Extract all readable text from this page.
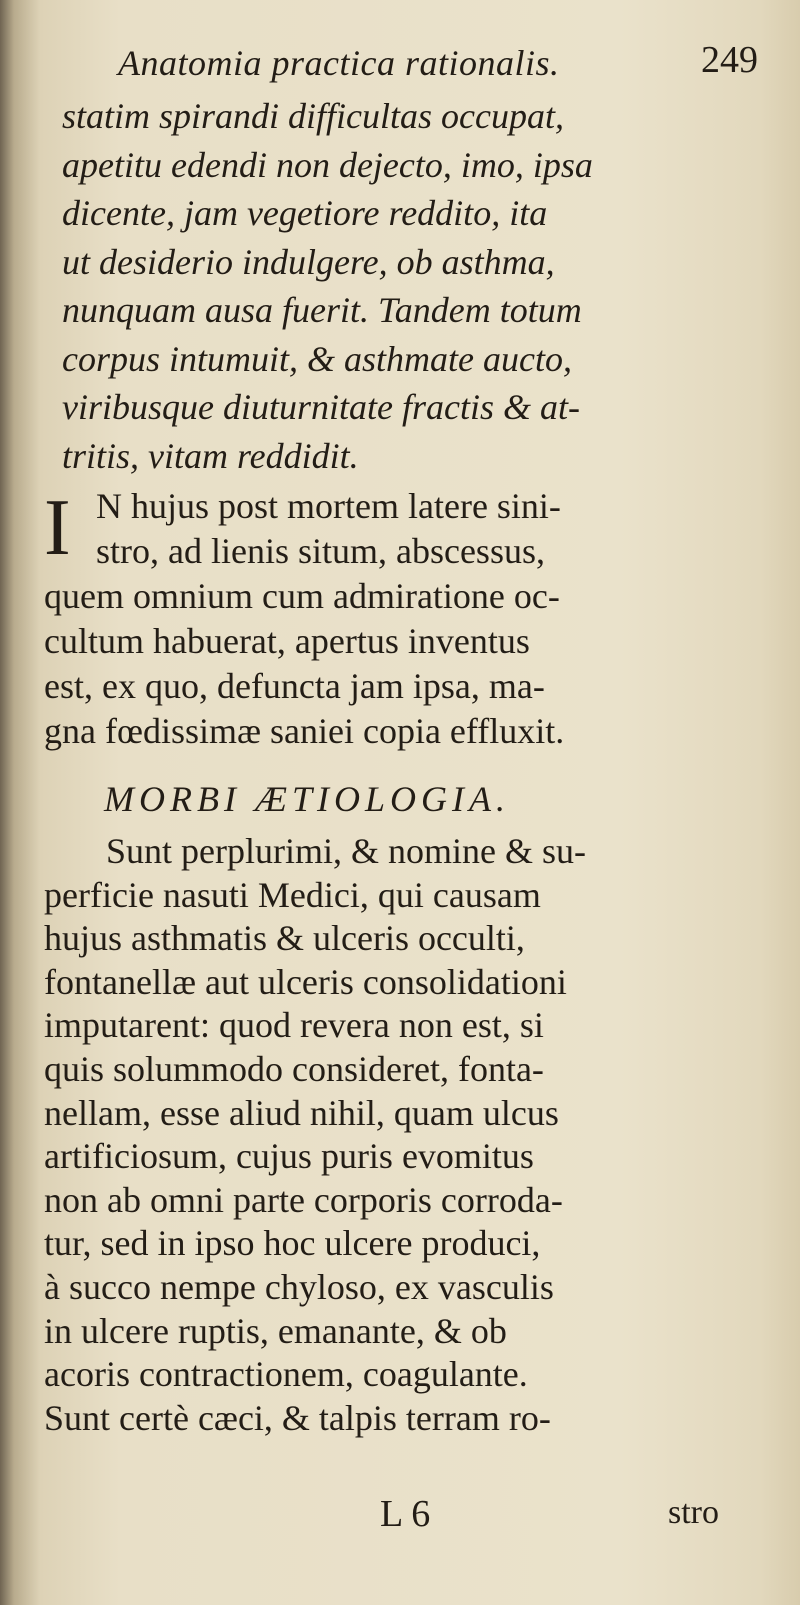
Anatomia practica rationalis.	249
statim spirandi difficultas occupat,
apetitu edendi non dejecto, imo, ipsa
dicente, jam vegetiore reddito, ita
ut desiderio indulgere, ob asthma,
nunquam ausa fuerit. Tandem totum
corpus intumuit, & asthmate aucto,
viribusque diuturnitate fractis & at-
tritis, vitam reddidit.
I N hujus post mortem latere sini-
stro, ad lienis situm, abscessus,
quem omnium cum admiratione oc-
cultum habuerat, apertus inventus
est, ex quo, defuncta jam ipsa, ma-
gna fœdissimæ saniei copia effluxit.
MORBI ÆTIOLOGIA.
Sunt perplurimi, & nomine & su-
perficie nasuti Medici, qui causam
hujus asthmatis & ulceris occulti,
fontanellæ aut ulceris consolidationi
imputarent: quod revera non est, si
quis solummodo consideret, fonta-
nellam, esse aliud nihil, quam ulcus
artificiosum, cujus puris evomitus
non ab omni parte corporis corroda-
tur, sed in ipso hoc ulcere produci,
à succo nempe chyloso, ex vasculis
in ulcere ruptis, emanante, & ob
acoris contractionem, coagulante.
Sunt certè cæci, & talpis terram ro-
L 6	stro
